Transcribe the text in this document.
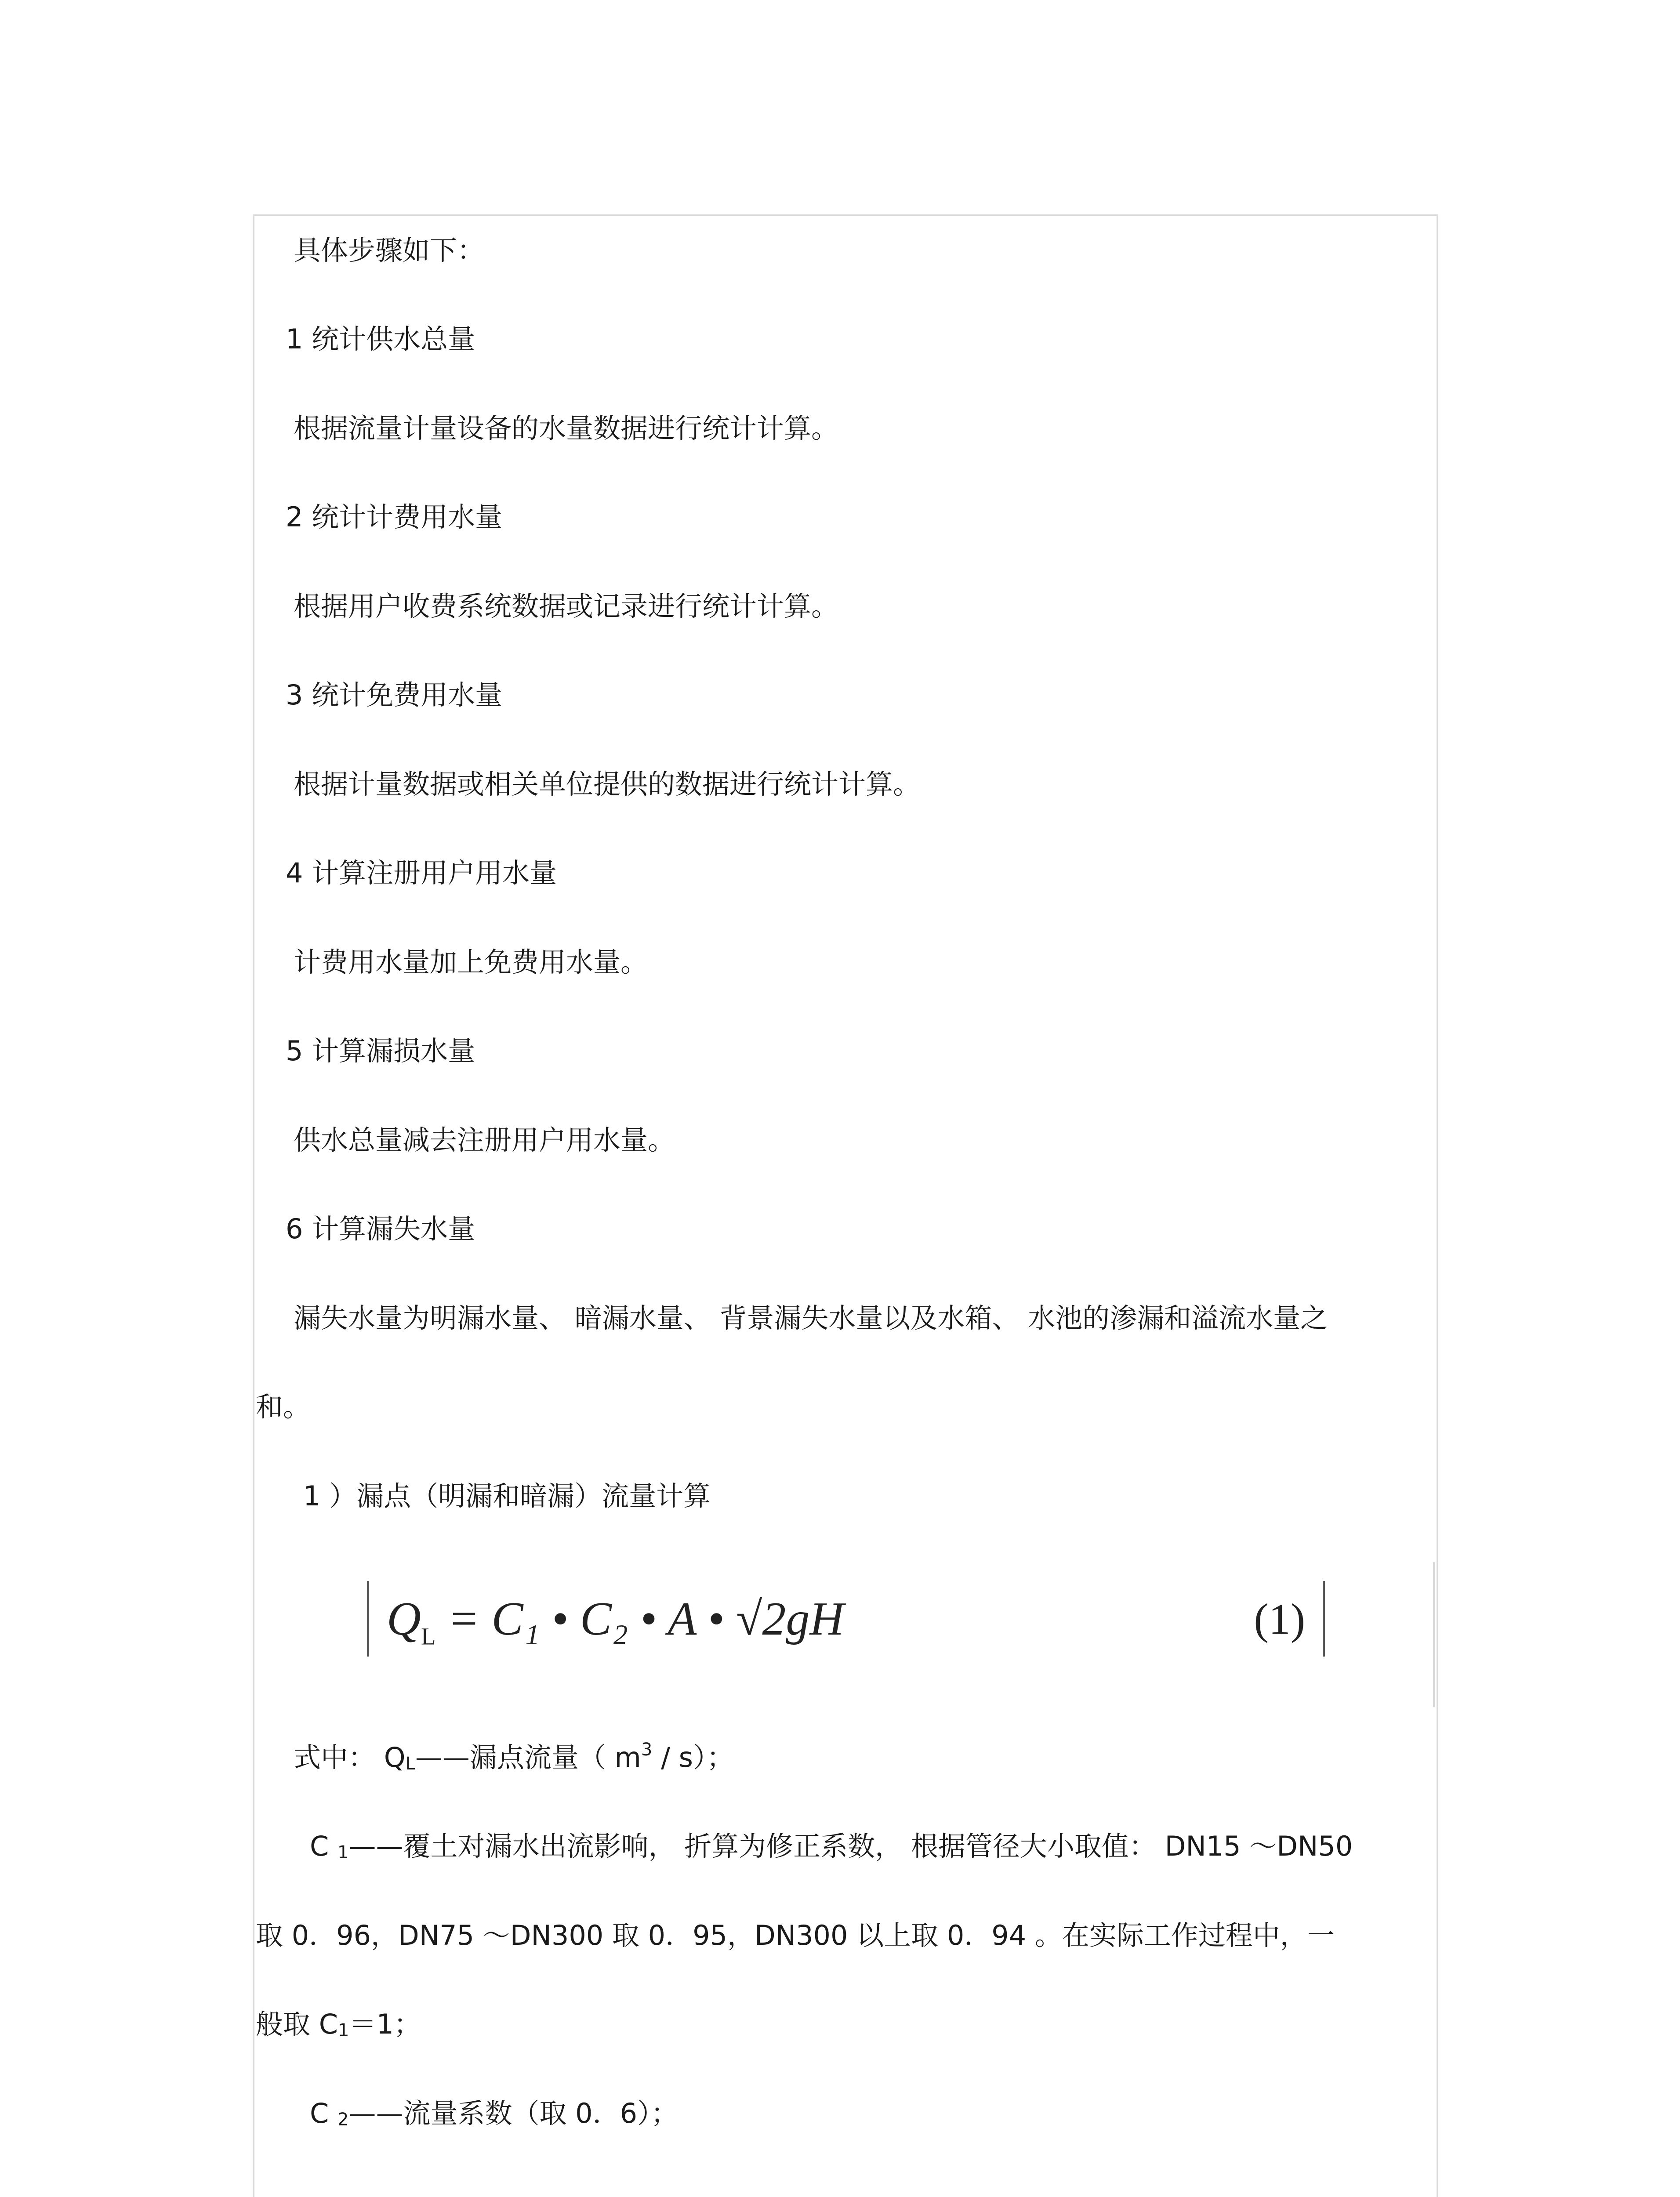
具体步骤如下：
1 统计供水总量
根据流量计量设备的水量数据进行统计计算。
2 统计计费用水量
根据用户收费系统数据或记录进行统计计算。
3 统计免费用水量
根据计量数据或相关单位提供的数据进行统计计算。
4 计算注册用户用水量
计费用水量加上免费用水量。
5 计算漏损水量
供水总量减去注册用户用水量。
6 计算漏失水量
漏失水量为明漏水量、 暗漏水量、 背景漏失水量以及水箱、 水池的渗漏和溢流水量之
和。
1 ）漏点（明漏和暗漏）流量计算
$Q_L = C_1$ • C₂ • A • √2gH	(1)
式中： QL——漏点流量（ $m^3 / s$）；
C 1——覆土对漏水出流影响， 折算为修正系数， 根据管径大小取值： DN15 ～DN50
取 0．96，DN75 ～DN300 取 0．95，DN300 以上取 0．94 。在实际工作过程中，一
般取 C1＝1；
C 2——流量系数（取 0．6）；
